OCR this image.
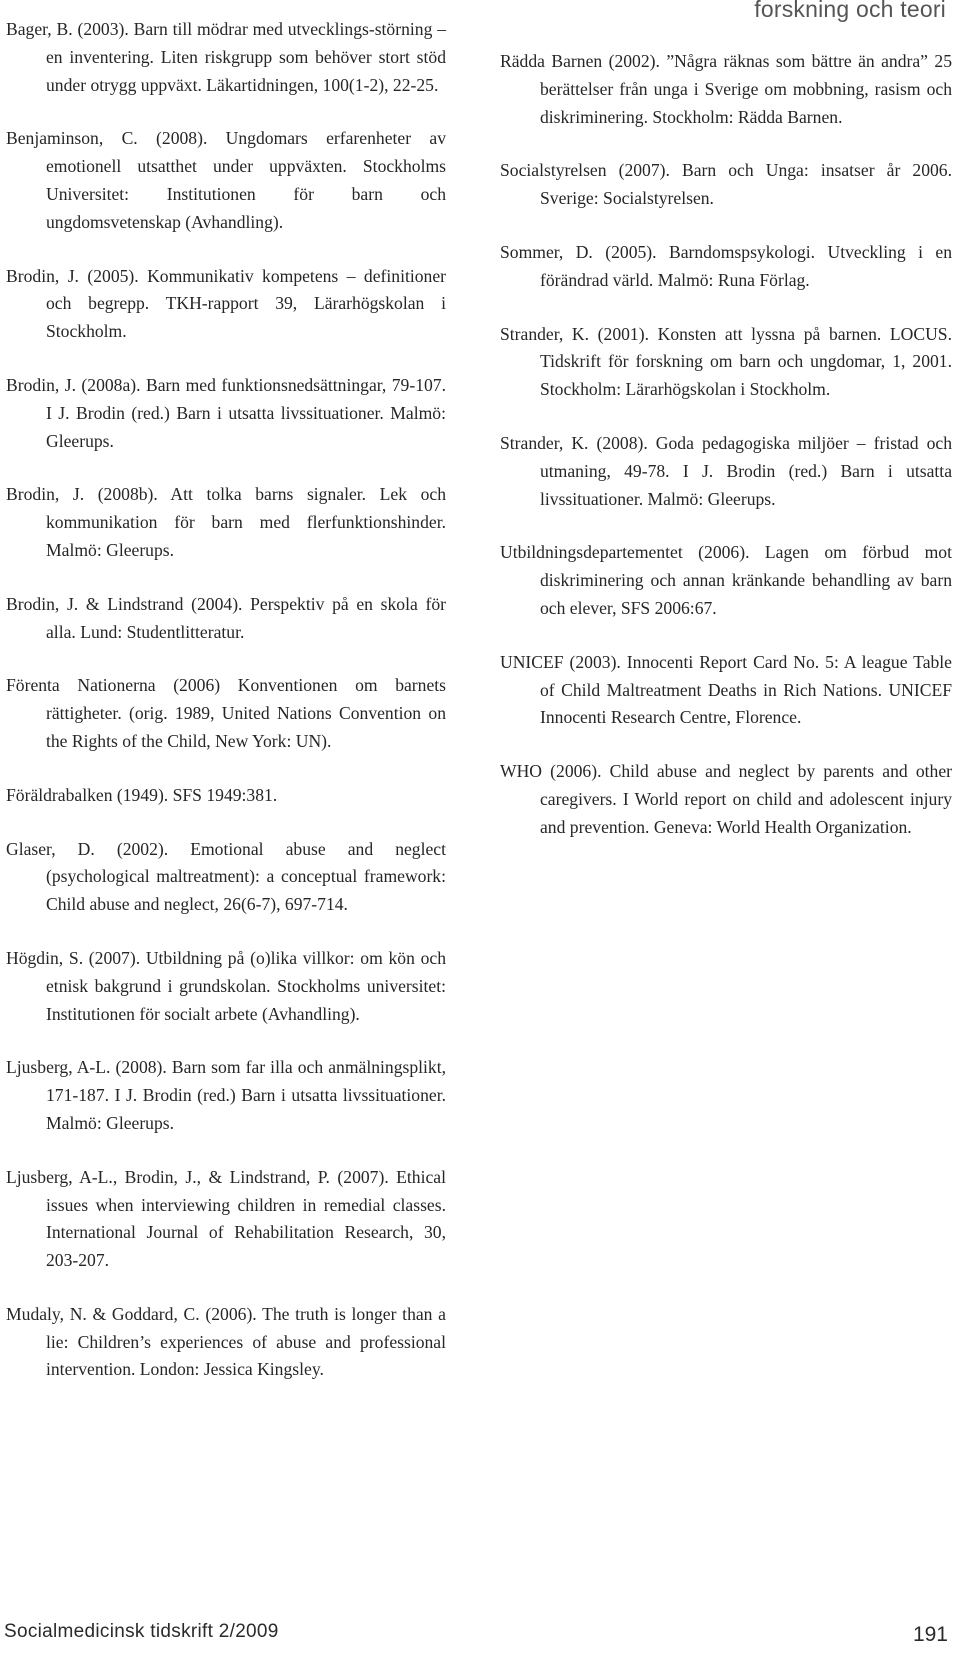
forskning och teori

Bager, B. (2003). Barn till mödrar med utvecklings-störning – en inventering. Liten riskgrupp som behöver stort stöd under otrygg uppväxt. Läkartidningen, 100(1-2), 22-25.

Benjaminson, C. (2008). Ungdomars erfarenheter av emotionell utsatthet under uppväxten. Stockholms Universitet: Institutionen för barn och ungdomsvetenskap (Avhandling).

Brodin, J. (2005). Kommunikativ kompetens – definitioner och begrepp. TKH-rapport 39, Lärarhögskolan i Stockholm.

Brodin, J. (2008a). Barn med funktionsnedsättningar, 79-107. I J. Brodin (red.) Barn i utsatta livssituationer. Malmö: Gleerups.

Brodin, J. (2008b). Att tolka barns signaler. Lek och kommunikation för barn med flerfunktionshinder. Malmö: Gleerups.

Brodin, J. & Lindstrand (2004). Perspektiv på en skola för alla. Lund: Studentlitteratur.

Förenta Nationerna (2006) Konventionen om barnets rättigheter. (orig. 1989, United Nations Convention on the Rights of the Child, New York: UN).

Föräldrabalken (1949). SFS 1949:381.

Glaser, D. (2002). Emotional abuse and neglect (psychological maltreatment): a conceptual framework: Child abuse and neglect, 26(6-7), 697-714.

Högdin, S. (2007). Utbildning på (o)lika villkor: om kön och etnisk bakgrund i grundskolan. Stockholms universitet: Institutionen för socialt arbete (Avhandling).

Ljusberg, A-L. (2008). Barn som far illa och anmälningsplikt, 171-187. I J. Brodin (red.) Barn i utsatta livssituationer. Malmö: Gleerups.

Ljusberg, A-L., Brodin, J., & Lindstrand, P. (2007). Ethical issues when interviewing children in remedial classes. International Journal of Rehabilitation Research, 30, 203-207.

Mudaly, N. & Goddard, C. (2006). The truth is longer than a lie: Children’s experiences of abuse and professional intervention. London: Jessica Kingsley.

Rädda Barnen (2002). ”Några räknas som bättre än andra” 25 berättelser från unga i Sverige om mobbning, rasism och diskriminering. Stockholm: Rädda Barnen.

Socialstyrelsen (2007). Barn och Unga: insatser år 2006. Sverige: Socialstyrelsen.

Sommer, D. (2005). Barndomspsykologi. Utveckling i en förändrad värld. Malmö: Runa Förlag.

Strander, K. (2001). Konsten att lyssna på barnen. LOCUS. Tidskrift för forskning om barn och ungdomar, 1, 2001. Stockholm: Lärarhögskolan i Stockholm.

Strander, K. (2008). Goda pedagogiska miljöer – fristad och utmaning, 49-78. I J. Brodin (red.) Barn i utsatta livssituationer. Malmö: Gleerups.

Utbildningsdepartementet (2006). Lagen om förbud mot diskriminering och annan kränkande behandling av barn och elever, SFS 2006:67.

UNICEF (2003). Innocenti Report Card No. 5: A league Table of Child Maltreatment Deaths in Rich Nations. UNICEF Innocenti Research Centre, Florence.

WHO (2006). Child abuse and neglect by parents and other caregivers. I World report on child and adolescent injury and prevention. Geneva: World Health Organization.

Socialmedicinsk tidskrift 2/2009	191
